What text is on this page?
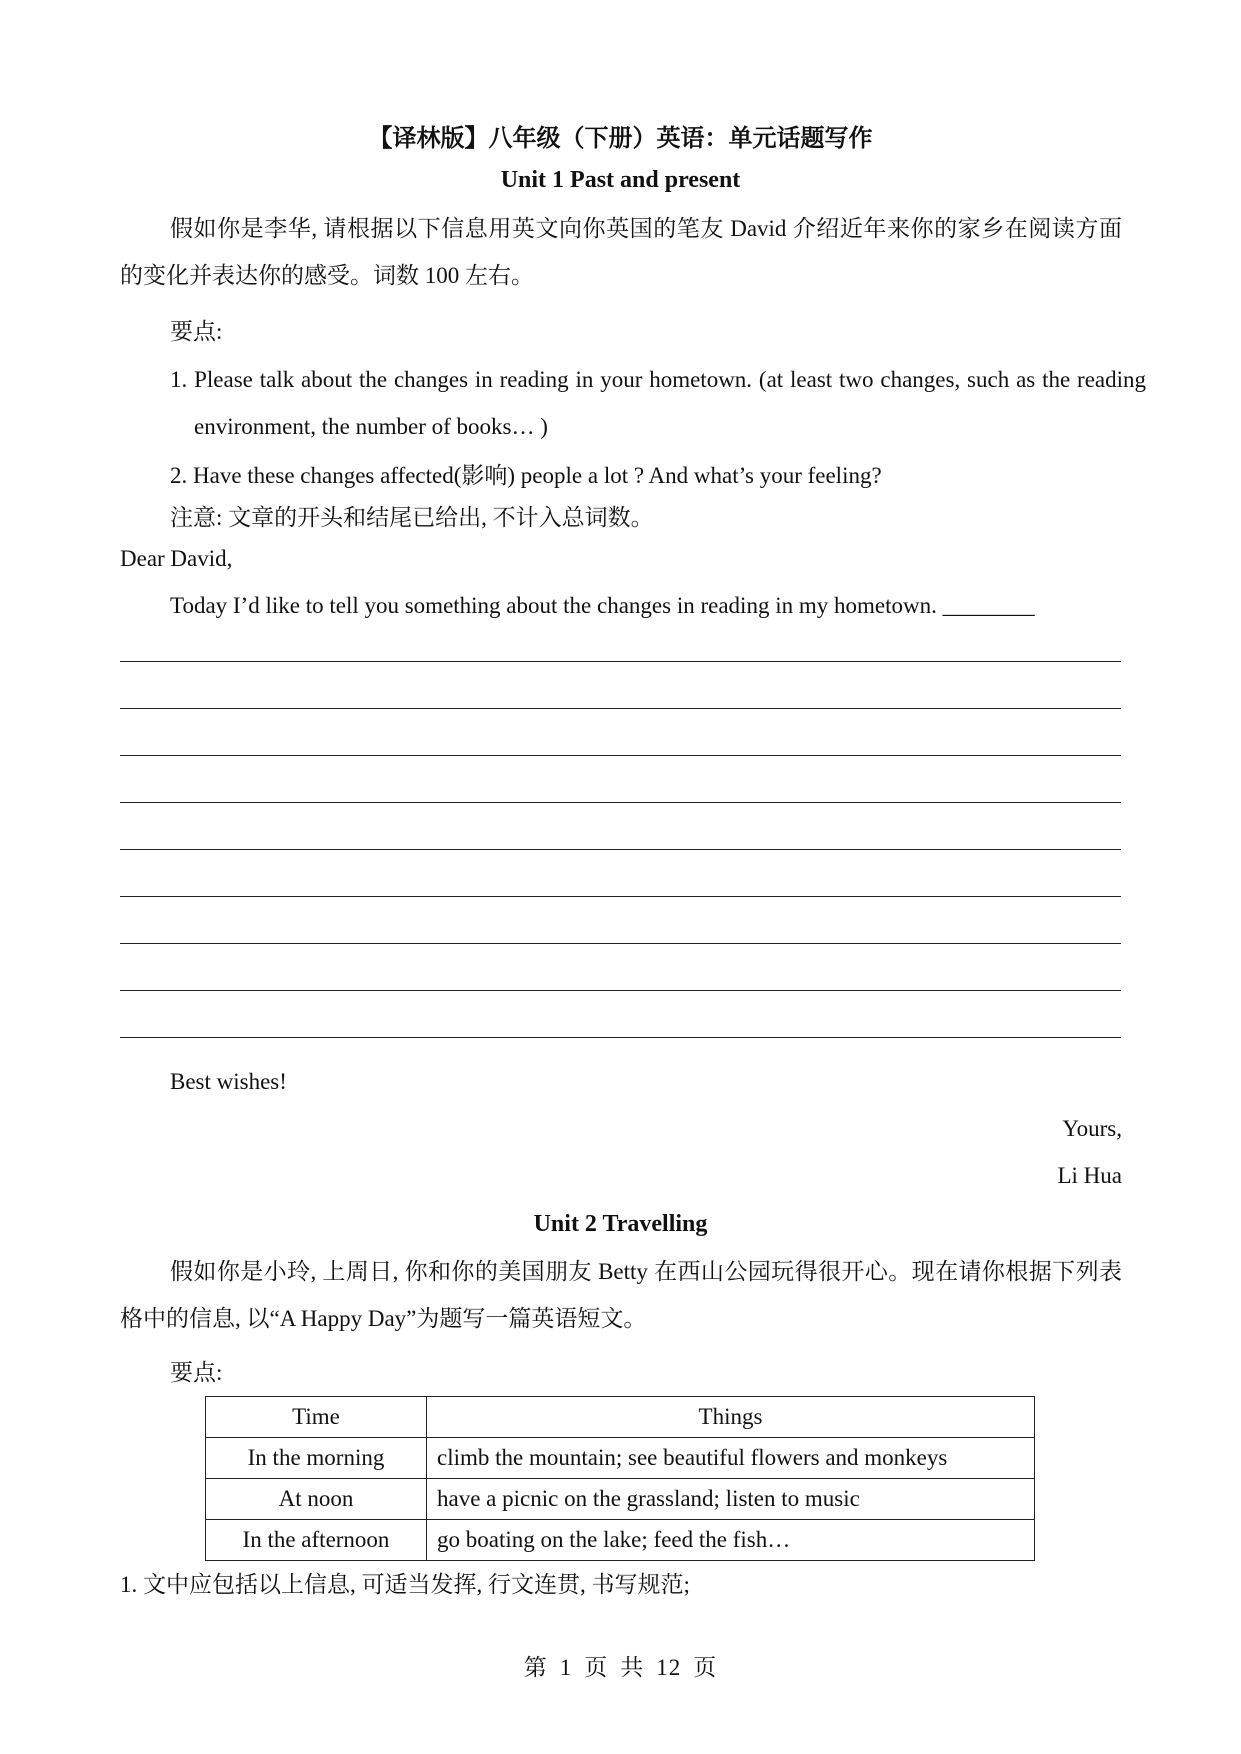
【译林版】八年级（下册）英语：单元话题写作
Unit 1 Past and present
假如你是李华, 请根据以下信息用英文向你英国的笔友 David 介绍近年来你的家乡在阅读方面的变化并表达你的感受。词数 100 左右。
要点:
1. Please talk about the changes in reading in your hometown. (at least two changes, such as the reading environment, the number of books… )
2. Have these changes affected(影响) people a lot ? And what’s your feeling?
注意: 文章的开头和结尾已给出, 不计入总词数。
Dear David,
Today I’d like to tell you something about the changes in reading in my hometown. ________
Best wishes!
Yours,
Li Hua
Unit 2 Travelling
假如你是小玲, 上周日, 你和你的美国朋友 Betty 在西山公园玩得很开心。现在请你根据下列表格中的信息, 以“A Happy Day”为题写一篇英语短文。
要点:
Time	Things
In the morning	climb the mountain; see beautiful flowers and monkeys
At noon	have a picnic on the grassland; listen to music
In the afternoon	go boating on the lake; feed the fish…
1. 文中应包括以上信息, 可适当发挥, 行文连贯, 书写规范;
第 1 页 共 12 页
